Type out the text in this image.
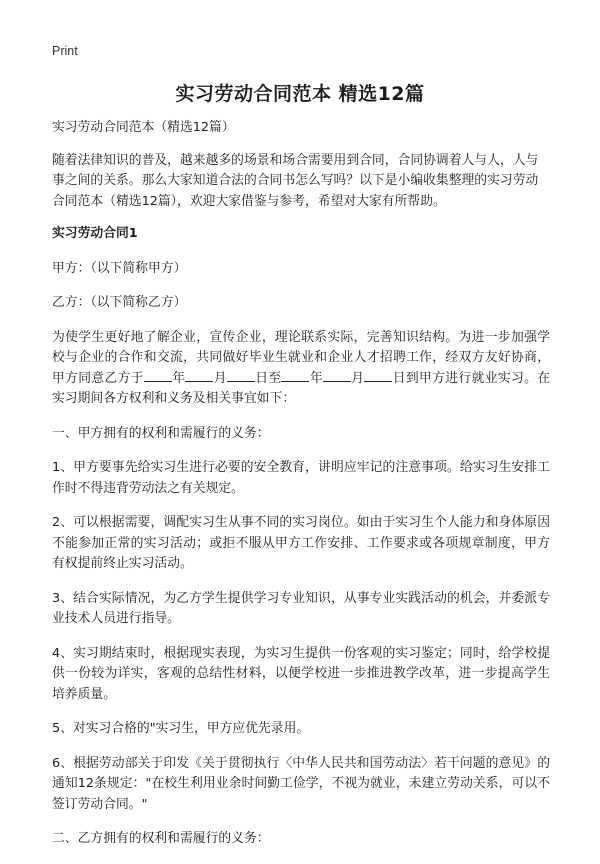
Print
实习劳动合同范本 精选12篇

实习劳动合同范本（精选12篇）

随着法律知识的普及，越来越多的场景和场合需要用到合同，合同协调着人与人，人与事之间的关系。那么大家知道合法的合同书怎么写吗？以下是小编收集整理的实习劳动合同范本（精选12篇），欢迎大家借鉴与参考，希望对大家有所帮助。

实习劳动合同1

甲方：（以下简称甲方）

乙方：（以下简称乙方）

为使学生更好地了解企业，宣传企业，理论联系实际，完善知识结构。为进一步加强学校与企业的合作和交流，共同做好毕业生就业和企业人才招聘工作，经双方友好协商，甲方同意乙方于 年 月 日至 年 月 日到甲方进行就业实习。在实习期间各方权利和义务及相关事宜如下：

一、甲方拥有的权利和需履行的义务：

1、甲方要事先给实习生进行必要的安全教育，讲明应牢记的注意事项。给实习生安排工作时不得违背劳动法之有关规定。

2、可以根据需要，调配实习生从事不同的实习岗位。如由于实习生个人能力和身体原因不能参加正常的实习活动；或拒不服从甲方工作安排、工作要求或各项规章制度，甲方有权提前终止实习活动。

3、结合实际情况，为乙方学生提供学习专业知识，从事专业实践活动的机会，并委派专业技术人员进行指导。

4、实习期结束时，根据现实表现，为实习生提供一份客观的实习鉴定；同时，给学校提供一份较为详实，客观的总结性材料，以便学校进一步推进教学改革，进一步提高学生培养质量。

5、对实习合格的"实习生，甲方应优先录用。

6、根据劳动部关于印发《关于贯彻执行〈中华人民共和国劳动法〉若干问题的意见》的通知12条规定："在校生利用业余时间勤工俭学，不视为就业，未建立劳动关系，可以不签订劳动合同。"

二、乙方拥有的权利和需履行的义务：
